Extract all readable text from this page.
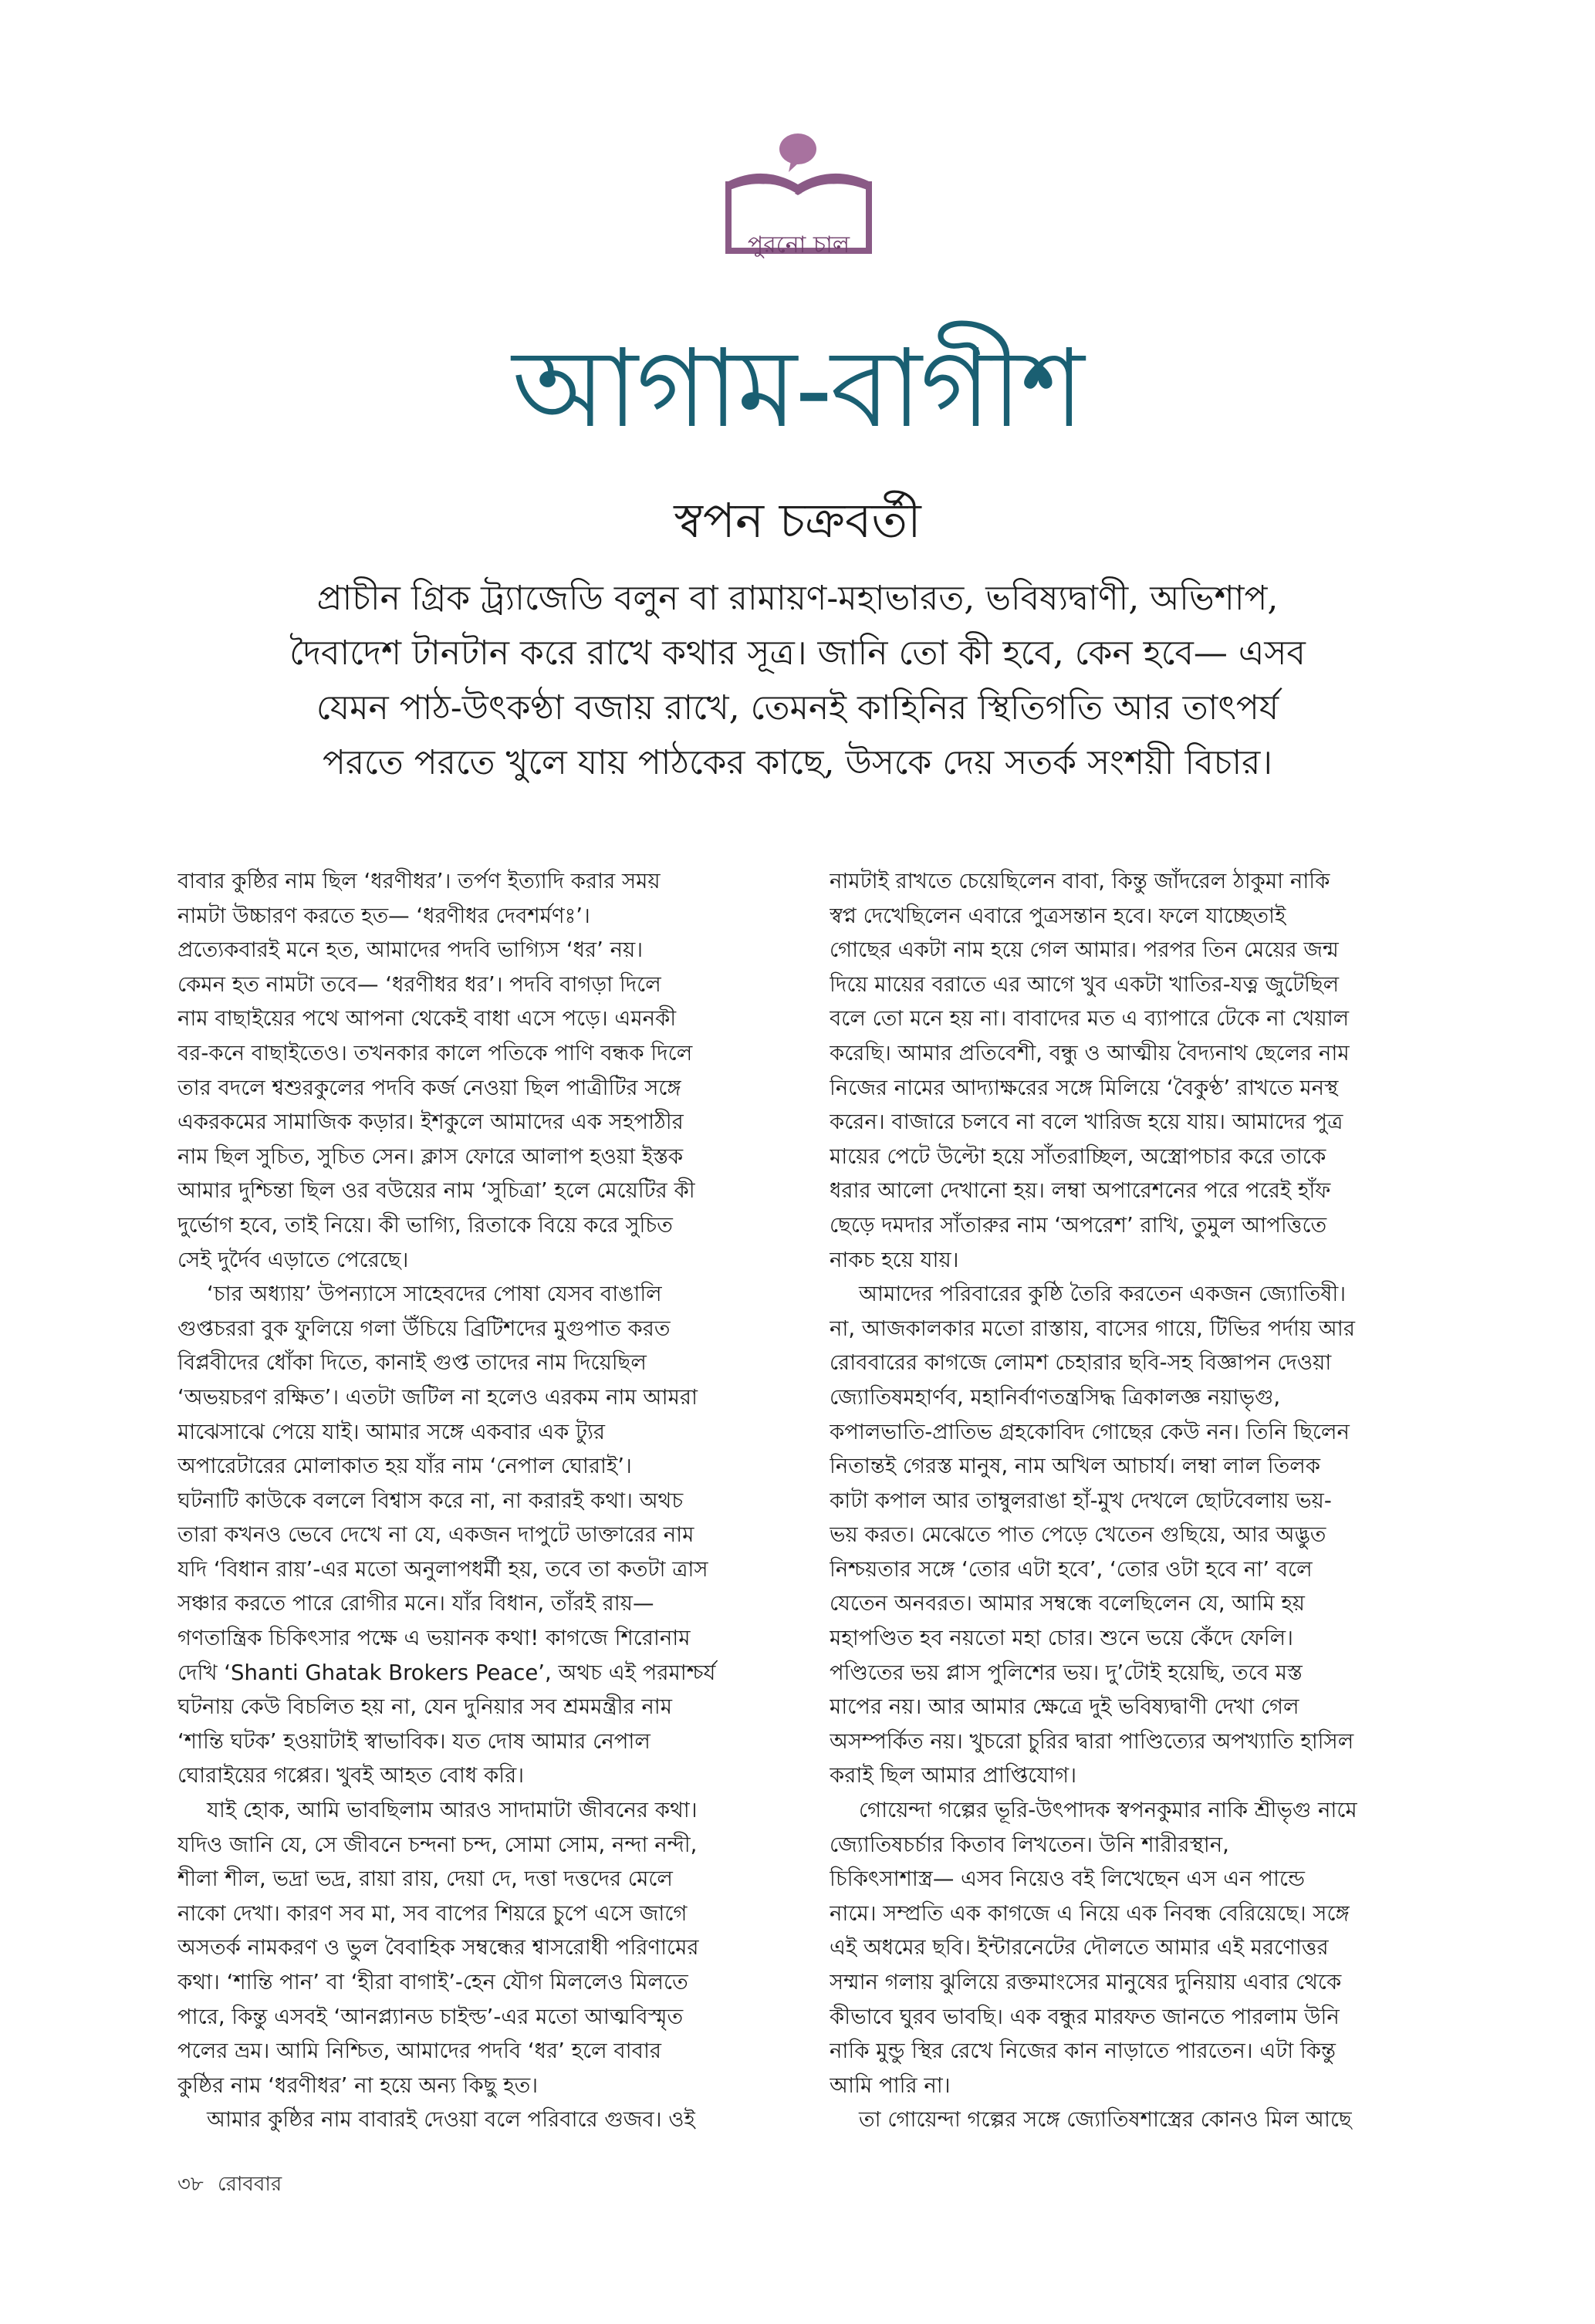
পুরনো চাল
আগাম-বাগীশ
স্বপন চক্রবর্তী
প্রাচীন গ্রিক ট্র্যাজেডি বলুন বা রামায়ণ-মহাভারত, ভবিষ্যদ্বাণী, অভিশাপ,
দৈবাদেশ টানটান করে রাখে কথার সূত্র। জানি তো কী হবে, কেন হবে— এসব
যেমন পাঠ-উৎকণ্ঠা বজায় রাখে, তেমনই কাহিনির স্থিতিগতি আর তাৎপর্য
পরতে পরতে খুলে যায় পাঠকের কাছে, উসকে দেয় সতর্ক সংশয়ী বিচার।
বাবার কুষ্ঠির নাম ছিল ‘ধরণীধর’। তর্পণ ইত্যাদি করার সময়
নামটা উচ্চারণ করতে হত— ‘ধরণীধর দেবশর্মণঃ’।
প্রত্যেকবারই মনে হত, আমাদের পদবি ভাগ্যিস ‘ধর’ নয়।
কেমন হত নামটা তবে— ‘ধরণীধর ধর’। পদবি বাগড়া দিলে
নাম বাছাইয়ের পথে আপনা থেকেই বাধা এসে পড়ে। এমনকী
বর-কনে বাছাইতেও। তখনকার কালে পতিকে পাণি বন্ধক দিলে
তার বদলে শ্বশুরকুলের পদবি কর্জ নেওয়া ছিল পাত্রীটির সঙ্গে
একরকমের সামাজিক কড়ার। ইশকুলে আমাদের এক সহপাঠীর
নাম ছিল সুচিত, সুচিত সেন। ক্লাস ফোরে আলাপ হওয়া ইস্তক
আমার দুশ্চিন্তা ছিল ওর বউয়ের নাম ‘সুচিত্রা’ হলে মেয়েটির কী
দুর্ভোগ হবে, তাই নিয়ে। কী ভাগ্যি, রিতাকে বিয়ে করে সুচিত
সেই দুর্দৈব এড়াতে পেরেছে।
‘চার অধ্যায়’ উপন্যাসে সাহেবদের পোষা যেসব বাঙালি
গুপ্তচররা বুক ফুলিয়ে গলা উঁচিয়ে ব্রিটিশদের মুগুপাত করত
বিপ্লবীদের ধোঁকা দিতে, কানাই গুপ্ত তাদের নাম দিয়েছিল
‘অভয়চরণ রক্ষিত’। এতটা জটিল না হলেও এরকম নাম আমরা
মাঝেসাঝে পেয়ে যাই। আমার সঙ্গে একবার এক ট্যুর
অপারেটারের মোলাকাত হয় যাঁর নাম ‘নেপাল ঘোরাই’।
ঘটনাটি কাউকে বললে বিশ্বাস করে না, না করারই কথা। অথচ
তারা কখনও ভেবে দেখে না যে, একজন দাপুটে ডাক্তারের নাম
যদি ‘বিধান রায়’-এর মতো অনুলাপধর্মী হয়, তবে তা কতটা ত্রাস
সঞ্চার করতে পারে রোগীর মনে। যাঁর বিধান, তাঁরই রায়—
গণতান্ত্রিক চিকিৎসার পক্ষে এ ভয়ানক কথা! কাগজে শিরোনাম
দেখি ‘Shanti Ghatak Brokers Peace’, অথচ এই পরমাশ্চর্য
ঘটনায় কেউ বিচলিত হয় না, যেন দুনিয়ার সব শ্রমমন্ত্রীর নাম
‘শান্তি ঘটক’ হওয়াটাই স্বাভাবিক। যত দোষ আমার নেপাল
ঘোরাইয়ের গপ্পের। খুবই আহত বোধ করি।
যাই হোক, আমি ভাবছিলাম আরও সাদামাটা জীবনের কথা।
যদিও জানি যে, সে জীবনে চন্দনা চন্দ, সোমা সোম, নন্দা নন্দী,
শীলা শীল, ভদ্রা ভদ্র, রায়া রায়, দেয়া দে, দত্তা দত্তদের মেলে
নাকো দেখা। কারণ সব মা, সব বাপের শিয়রে চুপে এসে জাগে
অসতর্ক নামকরণ ও ভুল বৈবাহিক সম্বন্ধের শ্বাসরোধী পরিণামের
কথা। ‘শান্তি পান’ বা ‘হীরা বাগাই’-হেন যৌগ মিললেও মিলতে
পারে, কিন্তু এসবই ‘আনপ্ল্যানড চাইল্ড’-এর মতো আত্মবিস্মৃত
পলের ভ্রম। আমি নিশ্চিত, আমাদের পদবি ‘ধর’ হলে বাবার
কুষ্ঠির নাম ‘ধরণীধর’ না হয়ে অন্য কিছু হত।
আমার কুষ্ঠির নাম বাবারই দেওয়া বলে পরিবারে গুজব। ওই
নামটাই রাখতে চেয়েছিলেন বাবা, কিন্তু জাঁদরেল ঠাকুমা নাকি
স্বপ্ন দেখেছিলেন এবারে পুত্রসন্তান হবে। ফলে যাচ্ছেতাই
গোছের একটা নাম হয়ে গেল আমার। পরপর তিন মেয়ের জন্ম
দিয়ে মায়ের বরাতে এর আগে খুব একটা খাতির-যত্ন জুটেছিল
বলে তো মনে হয় না। বাবাদের মত এ ব্যাপারে টেকে না খেয়াল
করেছি। আমার প্রতিবেশী, বন্ধু ও আত্মীয় বৈদ্যনাথ ছেলের নাম
নিজের নামের আদ্যাক্ষরের সঙ্গে মিলিয়ে ‘বৈকুণ্ঠ’ রাখতে মনস্থ
করেন। বাজারে চলবে না বলে খারিজ হয়ে যায়। আমাদের পুত্র
মায়ের পেটে উল্টো হয়ে সাঁতরাচ্ছিল, অস্ত্রোপচার করে তাকে
ধরার আলো দেখানো হয়। লম্বা অপারেশনের পরে পরেই হাঁফ
ছেড়ে দমদার সাঁতারুর নাম ‘অপরেশ’ রাখি, তুমুল আপত্তিতে
নাকচ হয়ে যায়।
আমাদের পরিবারের কুষ্ঠি তৈরি করতেন একজন জ্যোতিষী।
না, আজকালকার মতো রাস্তায়, বাসের গায়ে, টিভির পর্দায় আর
রোববারের কাগজে লোমশ চেহারার ছবি-সহ বিজ্ঞাপন দেওয়া
জ্যোতিষমহার্ণব, মহানির্বাণতন্ত্রসিদ্ধ ত্রিকালজ্ঞ নয়াভৃগু,
কপালভাতি-প্রাতিভ গ্রহকোবিদ গোছের কেউ নন। তিনি ছিলেন
নিতান্তই গেরস্ত মানুষ, নাম অখিল আচার্য। লম্বা লাল তিলক
কাটা কপাল আর তাম্বুলরাঙা হাঁ-মুখ দেখলে ছোটবেলায় ভয়-
ভয় করত। মেঝেতে পাত পেড়ে খেতেন গুছিয়ে, আর অদ্ভুত
নিশ্চয়তার সঙ্গে ‘তোর এটা হবে’, ‘তোর ওটা হবে না’ বলে
যেতেন অনবরত। আমার সম্বন্ধে বলেছিলেন যে, আমি হয়
মহাপণ্ডিত হব নয়তো মহা চোর। শুনে ভয়ে কেঁদে ফেলি।
পণ্ডিতের ভয় প্লাস পুলিশের ভয়। দু’টোই হয়েছি, তবে মস্ত
মাপের নয়। আর আমার ক্ষেত্রে দুই ভবিষ্যদ্বাণী দেখা গেল
অসম্পর্কিত নয়। খুচরো চুরির দ্বারা পাণ্ডিত্যের অপখ্যাতি হাসিল
করাই ছিল আমার প্রাপ্তিযোগ।
গোয়েন্দা গল্পের ভূরি-উৎপাদক স্বপনকুমার নাকি শ্রীভৃগু নামে
জ্যোতিষচর্চার কিতাব লিখতেন। উনি শারীরস্থান,
চিকিৎসাশাস্ত্র— এসব নিয়েও বই লিখেছেন এস এন পান্ডে
নামে। সম্প্রতি এক কাগজে এ নিয়ে এক নিবন্ধ বেরিয়েছে। সঙ্গে
এই অধমের ছবি। ইন্টারনেটের দৌলতে আমার এই মরণোত্তর
সম্মান গলায় ঝুলিয়ে রক্তমাংসের মানুষের দুনিয়ায় এবার থেকে
কীভাবে ঘুরব ভাবছি। এক বন্ধুর মারফত জানতে পারলাম উনি
নাকি মুন্ডু স্থির রেখে নিজের কান নাড়াতে পারতেন। এটা কিন্তু
আমি পারি না।
তা গোয়েন্দা গল্পের সঙ্গে জ্যোতিষশাস্ত্রের কোনও মিল আছে
৩৮ রোববার
